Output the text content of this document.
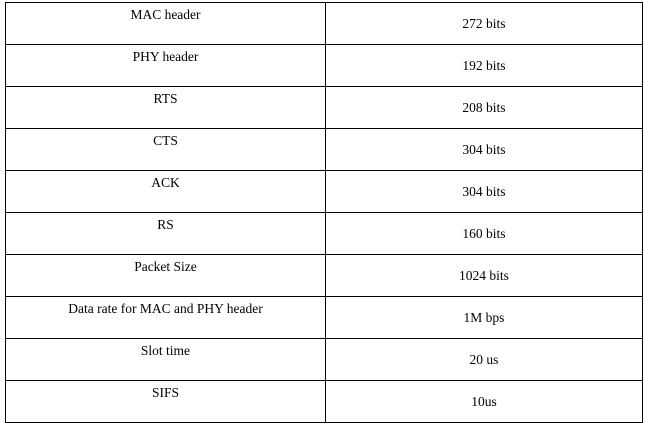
MAC header	272 bits
PHY header	192 bits
RTS	208 bits
CTS	304 bits
ACK	304 bits
RS	160 bits
Packet Size	1024 bits
Data rate for MAC and PHY header	1M bps
Slot time	20 us
SIFS	10us
